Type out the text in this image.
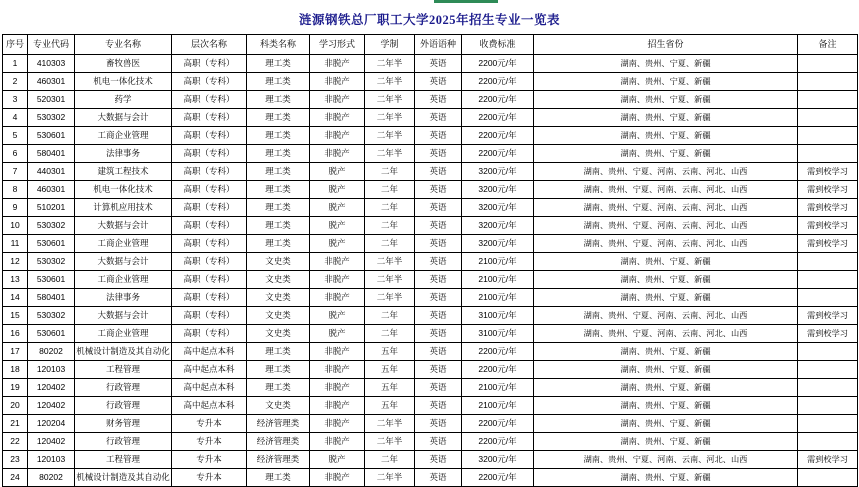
涟源钢铁总厂职工大学2025年招生专业一览表
序号	专业代码	专业名称	层次名称	科类名称	学习形式	学制	外语语种	收费标准	招生省份	备注
1	410303	畜牧兽医	高职（专科）	理工类	非脱产	二年半	英语	2200元/年	湖南、贵州、宁夏、新疆	
2	460301	机电一体化技术	高职（专科）	理工类	非脱产	二年半	英语	2200元/年	湖南、贵州、宁夏、新疆	
3	520301	药学	高职（专科）	理工类	非脱产	二年半	英语	2200元/年	湖南、贵州、宁夏、新疆	
4	530302	大数据与会计	高职（专科）	理工类	非脱产	二年半	英语	2200元/年	湖南、贵州、宁夏、新疆	
5	530601	工商企业管理	高职（专科）	理工类	非脱产	二年半	英语	2200元/年	湖南、贵州、宁夏、新疆	
6	580401	法律事务	高职（专科）	理工类	非脱产	二年半	英语	2200元/年	湖南、贵州、宁夏、新疆	
7	440301	建筑工程技术	高职（专科）	理工类	脱产	二年	英语	3200元/年	湖南、贵州、宁夏、河南、云南、河北、山西	需到校学习
8	460301	机电一体化技术	高职（专科）	理工类	脱产	二年	英语	3200元/年	湖南、贵州、宁夏、河南、云南、河北、山西	需到校学习
9	510201	计算机应用技术	高职（专科）	理工类	脱产	二年	英语	3200元/年	湖南、贵州、宁夏、河南、云南、河北、山西	需到校学习
10	530302	大数据与会计	高职（专科）	理工类	脱产	二年	英语	3200元/年	湖南、贵州、宁夏、河南、云南、河北、山西	需到校学习
11	530601	工商企业管理	高职（专科）	理工类	脱产	二年	英语	3200元/年	湖南、贵州、宁夏、河南、云南、河北、山西	需到校学习
12	530302	大数据与会计	高职（专科）	文史类	非脱产	二年半	英语	2100元/年	湖南、贵州、宁夏、新疆	
13	530601	工商企业管理	高职（专科）	文史类	非脱产	二年半	英语	2100元/年	湖南、贵州、宁夏、新疆	
14	580401	法律事务	高职（专科）	文史类	非脱产	二年半	英语	2100元/年	湖南、贵州、宁夏、新疆	
15	530302	大数据与会计	高职（专科）	文史类	脱产	二年	英语	3100元/年	湖南、贵州、宁夏、河南、云南、河北、山西	需到校学习
16	530601	工商企业管理	高职（专科）	文史类	脱产	二年	英语	3100元/年	湖南、贵州、宁夏、河南、云南、河北、山西	需到校学习
17	80202	机械设计制造及其自动化	高中起点本科	理工类	非脱产	五年	英语	2200元/年	湖南、贵州、宁夏、新疆	
18	120103	工程管理	高中起点本科	理工类	非脱产	五年	英语	2200元/年	湖南、贵州、宁夏、新疆	
19	120402	行政管理	高中起点本科	理工类	非脱产	五年	英语	2100元/年	湖南、贵州、宁夏、新疆	
20	120402	行政管理	高中起点本科	文史类	非脱产	五年	英语	2100元/年	湖南、贵州、宁夏、新疆	
21	120204	财务管理	专升本	经济管理类	非脱产	二年半	英语	2200元/年	湖南、贵州、宁夏、新疆	
22	120402	行政管理	专升本	经济管理类	非脱产	二年半	英语	2200元/年	湖南、贵州、宁夏、新疆	
23	120103	工程管理	专升本	经济管理类	脱产	二年	英语	3200元/年	湖南、贵州、宁夏、河南、云南、河北、山西	需到校学习
24	80202	机械设计制造及其自动化	专升本	理工类	非脱产	二年半	英语	2200元/年	湖南、贵州、宁夏、新疆	
